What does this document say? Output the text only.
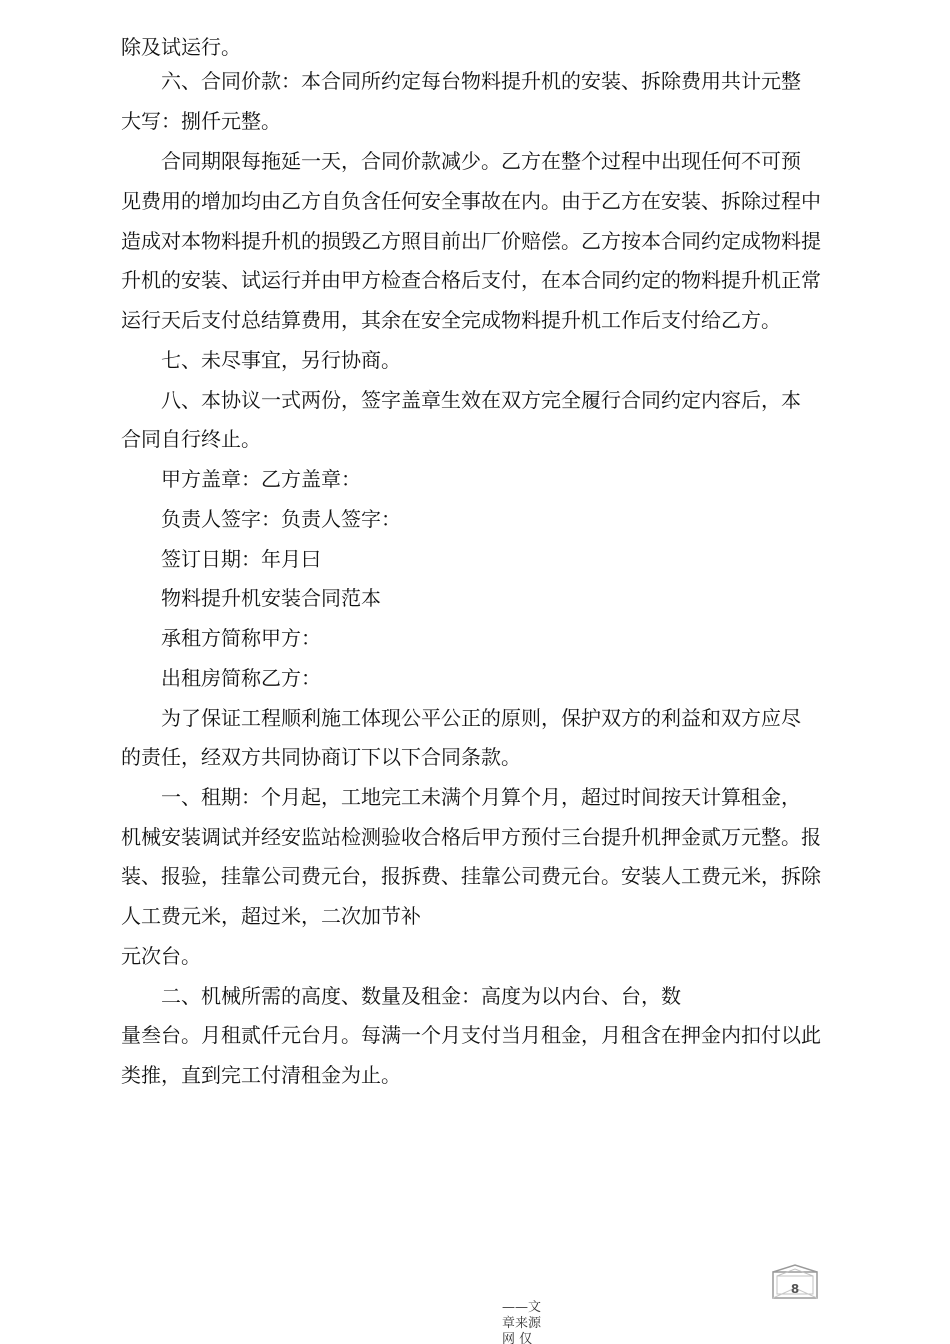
除及试运行。
六、合同价款：本合同所约定每台物料提升机的安装、拆除费用共计元整
大写：捌仟元整。
合同期限每拖延一天，合同价款减少。乙方在整个过程中出现任何不可预
见费用的增加均由乙方自负含任何安全事故在内。由于乙方在安装、拆除过程中
造成对本物料提升机的损毁乙方照目前出厂价赔偿。乙方按本合同约定成物料提
升机的安装、试运行并由甲方检查合格后支付，在本合同约定的物料提升机正常
运行天后支付总结算费用，其余在安全完成物料提升机工作后支付给乙方。
七、未尽事宜，另行协商。
八、本协议一式两份，签字盖章生效在双方完全履行合同约定内容后，本
合同自行终止。
甲方盖章：乙方盖章：
负责人签字：负责人签字：
签订日期：年月曰
物料提升机安装合同范本
承租方简称甲方：
出租房简称乙方：
为了保证工程顺利施工体现公平公正的原则，保护双方的利益和双方应尽
的责任，经双方共同协商订下以下合同条款。
一、租期：个月起，工地完工未满个月算个月，超过时间按天计算租金，
机械安装调试并经安监站检测验收合格后甲方预付三台提升机押金贰万元整。报
装、报验，挂靠公司费元台，报拆费、挂靠公司费元台。安装人工费元米，拆除
人工费元米，超过米，二次加节补
元次台。
二、机械所需的高度、数量及租金：高度为以内台、台，数
量叁台。月租贰仟元台月。每满一个月支付当月租金，月租含在押金内扣付以此
类推，直到完工付清租金为止。
8
——文章来源网 仅
